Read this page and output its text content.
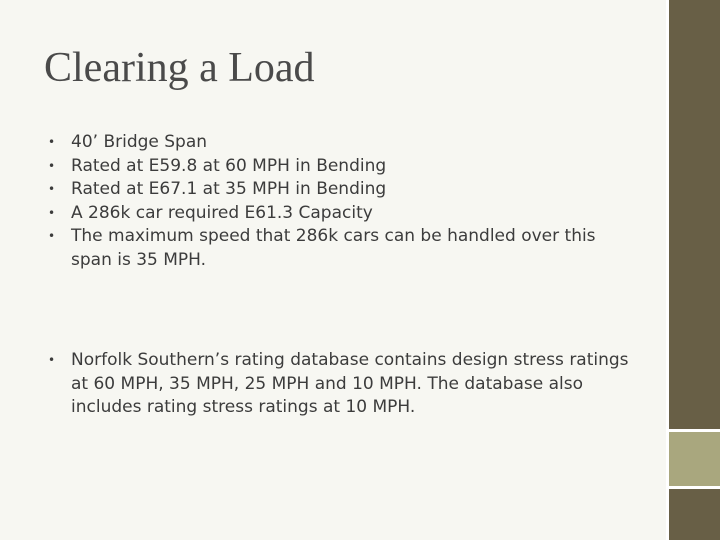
Clearing a Load
• 40’ Bridge Span
• Rated at E59.8 at 60 MPH in Bending
• Rated at E67.1 at 35 MPH in Bending
• A 286k car required E61.3 Capacity
• The maximum speed that 286k cars can be handled over this span is 35 MPH.
• Norfolk Southern’s rating database contains design stress ratings at 60 MPH, 35 MPH, 25 MPH and 10 MPH. The database also includes rating stress ratings at 10 MPH.
